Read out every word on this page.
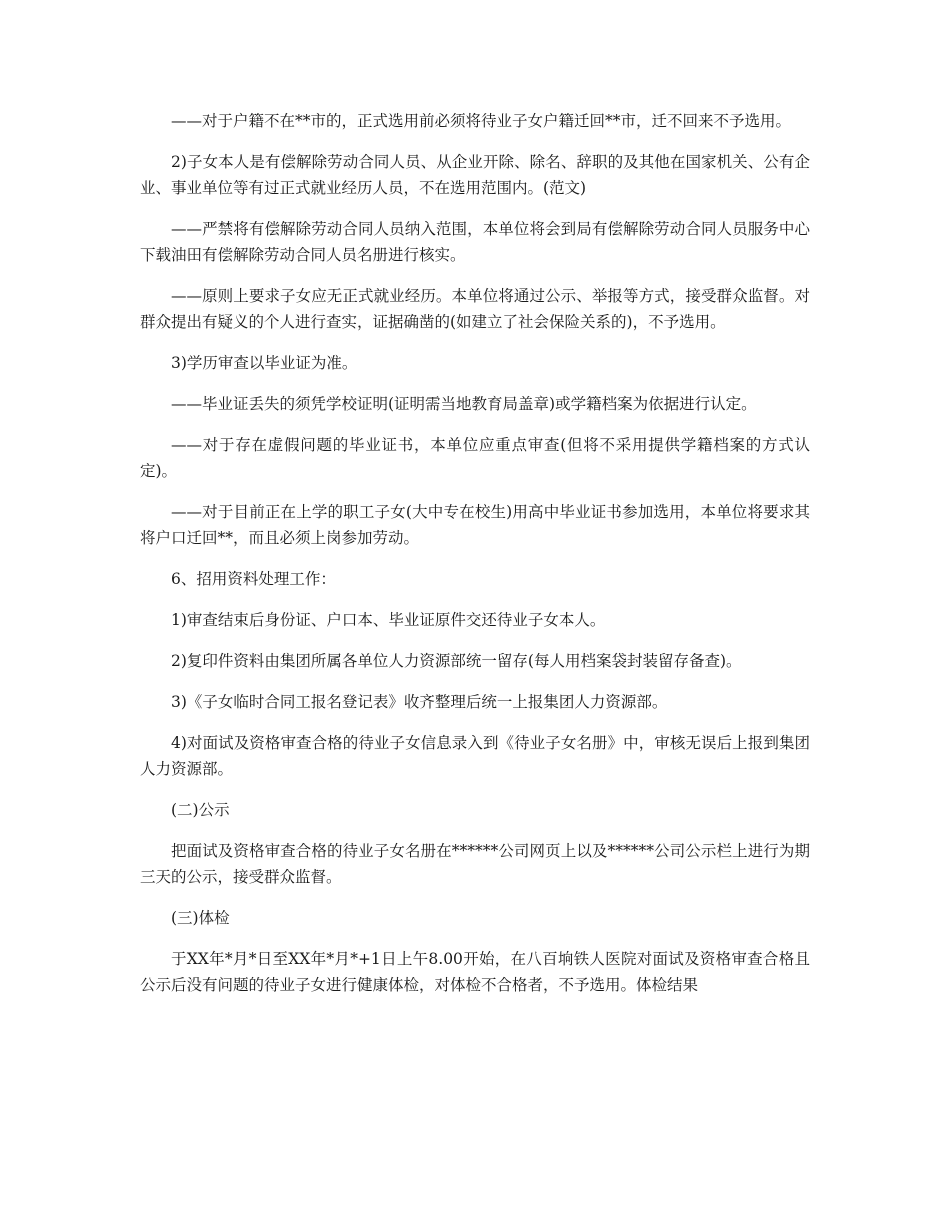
——对于户籍不在**市的，正式选用前必须将待业子女户籍迁回**市，迁不回来不予选用。

2)子女本人是有偿解除劳动合同人员、从企业开除、除名、辞职的及其他在国家机关、公有企业、事业单位等有过正式就业经历人员，不在选用范围内。(范文)

——严禁将有偿解除劳动合同人员纳入范围，本单位将会到局有偿解除劳动合同人员服务中心下载油田有偿解除劳动合同人员名册进行核实。

——原则上要求子女应无正式就业经历。本单位将通过公示、举报等方式，接受群众监督。对群众提出有疑义的个人进行查实，证据确凿的(如建立了社会保险关系的)，不予选用。

3)学历审查以毕业证为准。

——毕业证丢失的须凭学校证明(证明需当地教育局盖章)或学籍档案为依据进行认定。

——对于存在虚假问题的毕业证书，本单位应重点审查(但将不采用提供学籍档案的方式认定)。

——对于目前正在上学的职工子女(大中专在校生)用高中毕业证书参加选用，本单位将要求其将户口迁回**，而且必须上岗参加劳动。

6、招用资料处理工作：

1)审查结束后身份证、户口本、毕业证原件交还待业子女本人。

2)复印件资料由集团所属各单位人力资源部统一留存(每人用档案袋封装留存备查)。

3)《子女临时合同工报名登记表》收齐整理后统一上报集团人力资源部。

4)对面试及资格审查合格的待业子女信息录入到《待业子女名册》中，审核无误后上报到集团人力资源部。

(二)公示

把面试及资格审查合格的待业子女名册在******公司网页上以及******公司公示栏上进行为期三天的公示，接受群众监督。

(三)体检

于XX年*月*日至XX年*月*+1日上午8.00开始，在八百垧铁人医院对面试及资格审查合格且公示后没有问题的待业子女进行健康体检，对体检不合格者，不予选用。体检结果
